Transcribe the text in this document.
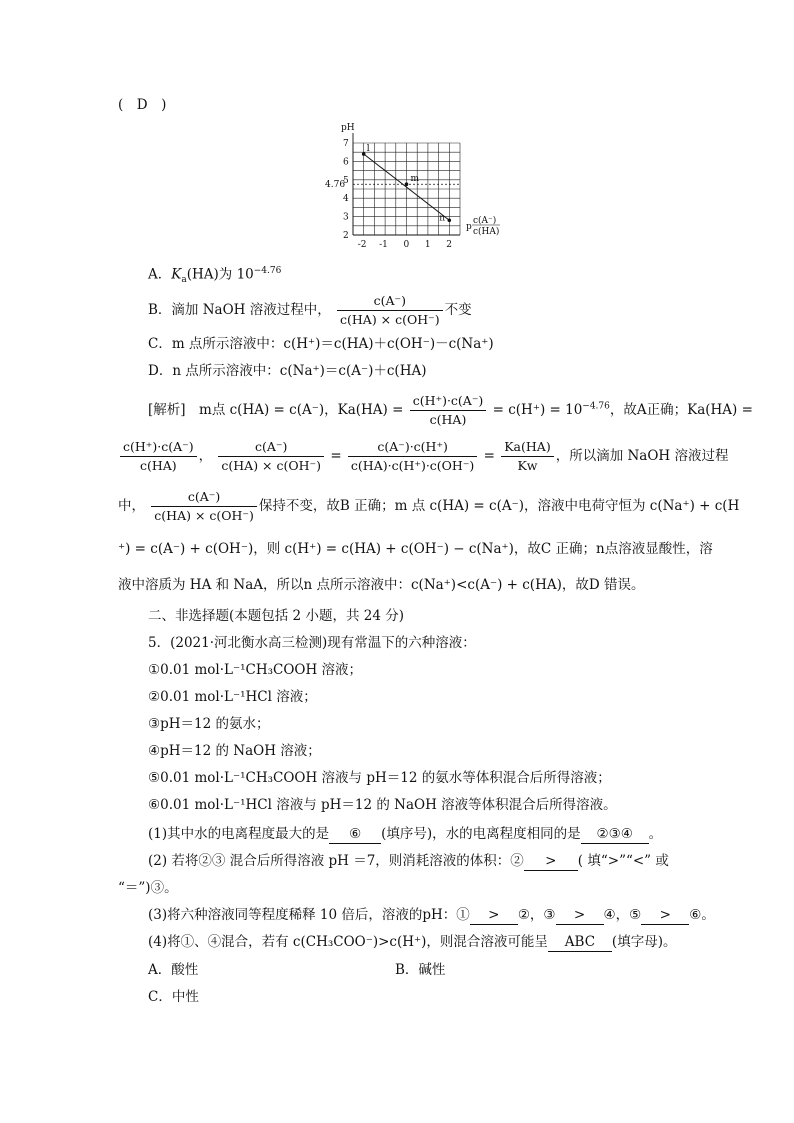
(　D　)
pH
2
3
4
5
6
7
-2 -1 0 1 2
4.76
l
m
n
p
c(A⁻)
c(HA)
A．$K_a(HA)$为 $10^{-4.76}$
B．滴加 NaOH 溶液过程中， $\frac{c(A^-)}{c(HA) \times c(OH^-)}$ 不变
C．m 点所示溶液中：c(H⁺)＝c(HA)＋c(OH⁻)－c(Na⁺)
D．n 点所示溶液中：c(Na⁺)＝c(A⁻)＋c(HA)
[解析]　m点 c(HA) = c(A⁻)，$Ka(HA) = \frac{c(H^+)\cdot c(A^-)}{c(HA)} = c(H^+) = 10^{-4.76}$，故A正确；Ka(HA) =
$\frac{c(H^+)\cdot c(A^-)}{c(HA)}$ ， $\frac{c(A^-)}{c(HA) \times c(OH^-)} = \frac{c(A^-)\cdot c(H^+)}{c(HA)\cdot c(H^+)\cdot c(OH^-)} = \frac{Ka(HA)}{Kw}$ ，所以滴加 NaOH 溶液过程
中， $\frac{c(A^-)}{c(HA) \times c(OH^-)}$ 保持不变，故B 正确；m 点 c(HA) = c(A⁻)，溶液中电荷守恒为 c(Na⁺) + c(H
⁺) = c(A⁻) + c(OH⁻)，则 c(H⁺) = c(HA) + c(OH⁻) − c(Na⁺)，故C 正确；n点溶液显酸性，溶
液中溶质为 HA 和 NaA，所以n 点所示溶液中：c(Na⁺)<c(A⁻) + c(HA)，故D 错误。
二、非选择题(本题包括 2 小题，共 24 分)
5．(2021·河北衡水高三检测)现有常温下的六种溶液：
①0.01 mol·L⁻¹CH₃COOH 溶液；
②0.01 mol·L⁻¹HCl 溶液；
③pH＝12 的氨水；
④pH＝12 的 NaOH 溶液；
⑤0.01 mol·L⁻¹CH₃COOH 溶液与 pH＝12 的氨水等体积混合后所得溶液；
⑥0.01 mol·L⁻¹HCl 溶液与 pH＝12 的 NaOH 溶液等体积混合后所得溶液。
(1)其中水的电离程度最大的是 ⑥ (填序号)，水的电离程度相同的是 ②③④ 。
(2) 若将②③ 混合后所得溶液 pH ＝7，则消耗溶液的体积：② > ( 填“>”“<” 或
“＝”)③。
(3)将六种溶液同等程度稀释 10 倍后，溶液的pH：① > ②，③ > ④，⑤ > ⑥。
(4)将①、④混合，若有 c(CH₃COO⁻)>c(H⁺)，则混合溶液可能呈 ABC (填字母)。
A．酸性	B．碱性
C．中性
